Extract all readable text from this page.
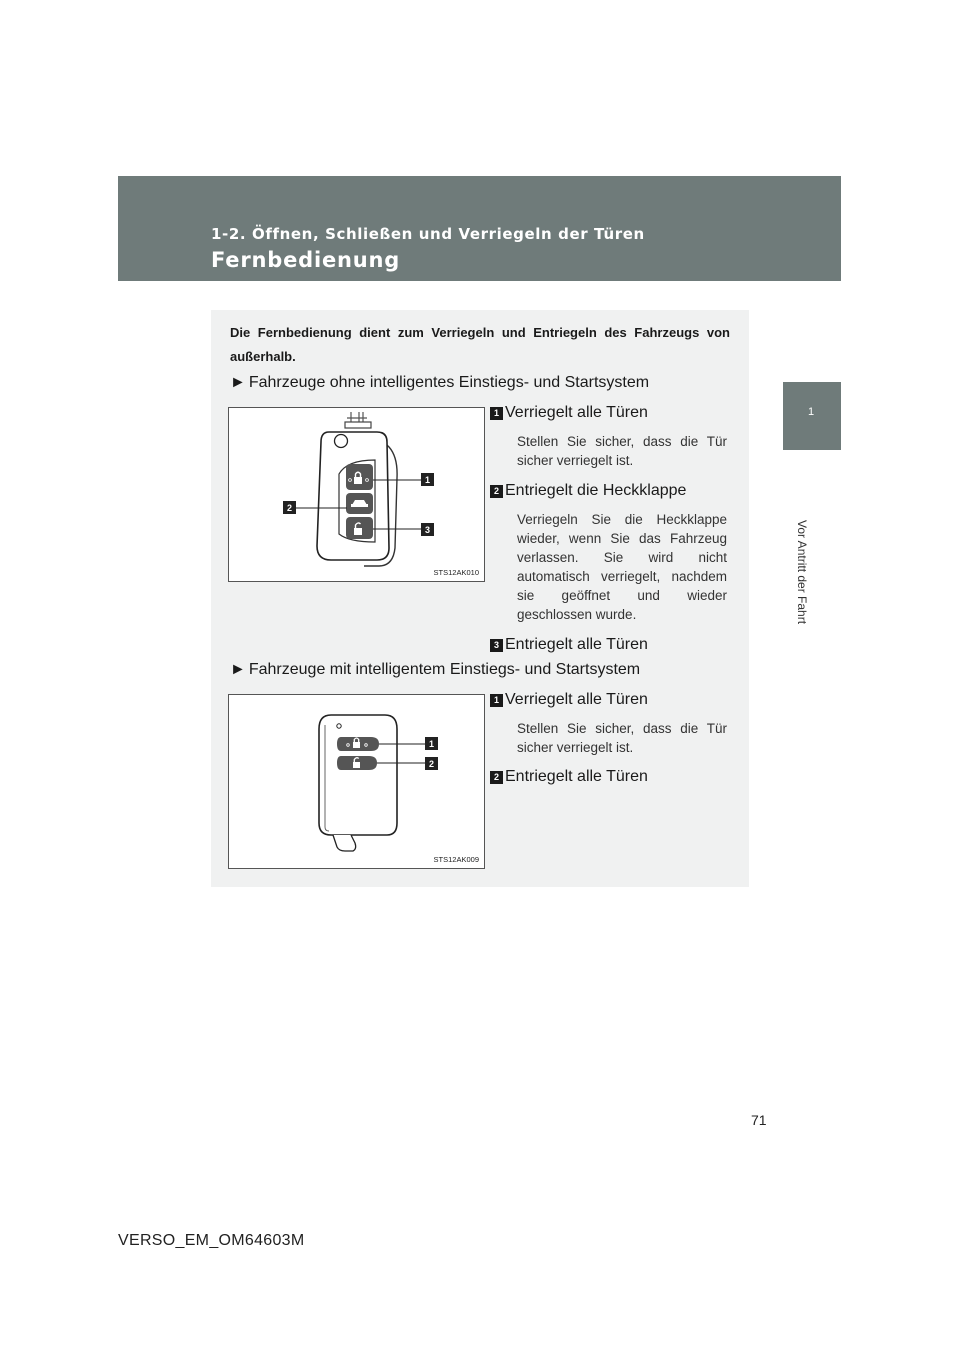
1-2. Öffnen, Schließen und Verriegeln der Türen
Fernbedienung
1
Vor Antritt der Fahrt
Die Fernbedienung dient zum Verriegeln und Entriegeln des Fahrzeugs von außerhalb.
► Fahrzeuge ohne intelligentes Einstiegs- und Startsystem
1
2
3
STS12AK010
1 Verriegelt alle Türen
Stellen Sie sicher, dass die Tür sicher verriegelt ist.
2 Entriegelt die Heckklappe
Verriegeln Sie die Heckklappe wieder, wenn Sie das Fahrzeug verlassen. Sie wird nicht automatisch verriegelt, nachdem sie geöffnet und wieder geschlossen wurde.
3 Entriegelt alle Türen
► Fahrzeuge mit intelligentem Einstiegs- und Startsystem
1
2
STS12AK009
1 Verriegelt alle Türen
Stellen Sie sicher, dass die Tür sicher verriegelt ist.
2 Entriegelt alle Türen
71
VERSO_EM_OM64603M
